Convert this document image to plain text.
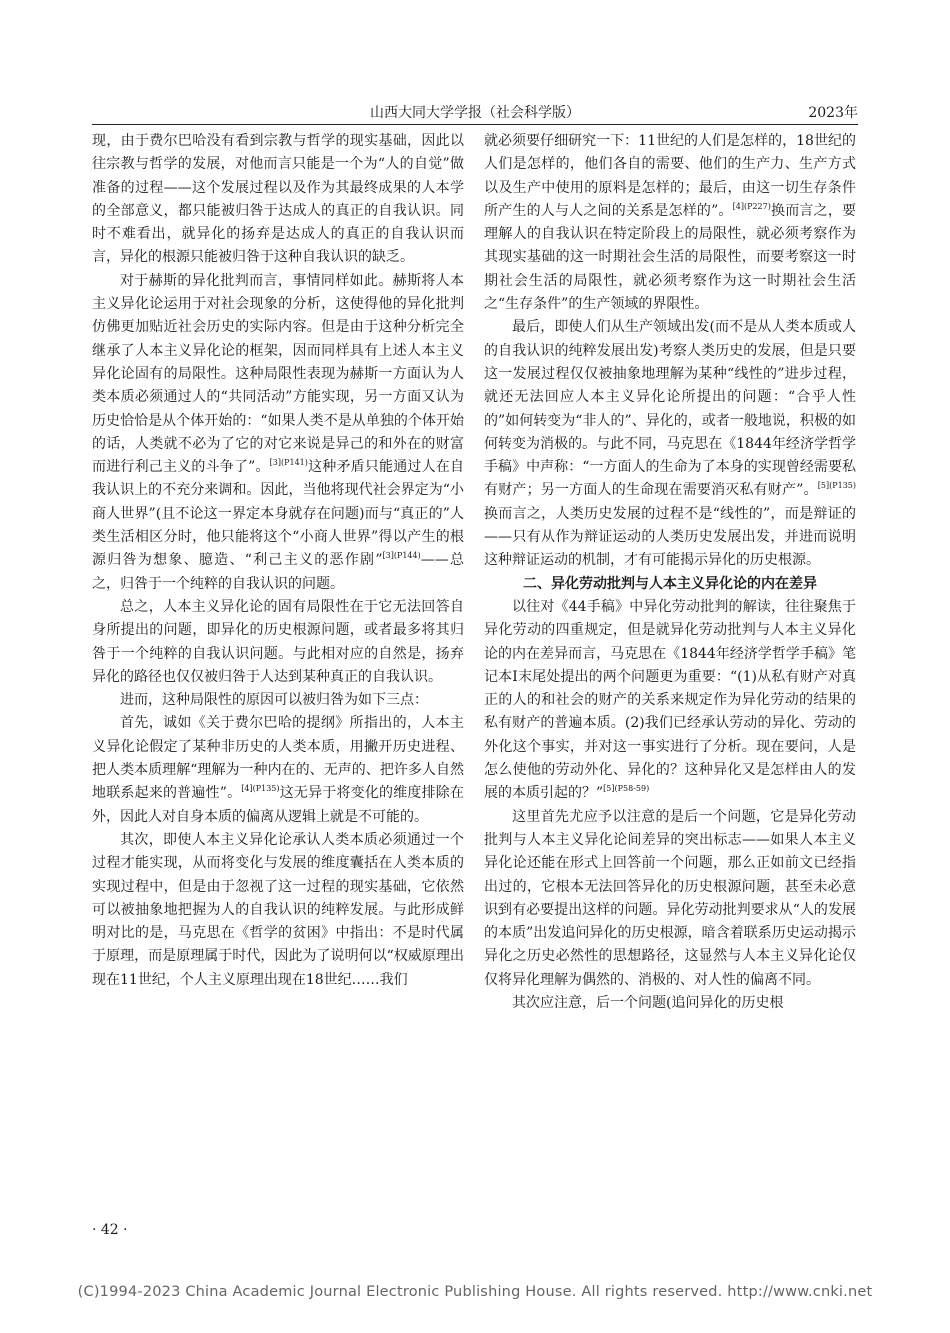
山西大同大学学报（社会科学版）	2023年

现，由于费尔巴哈没有看到宗教与哲学的现实基础，因此以往宗教与哲学的发展，对他而言只能是一个为“人的自觉”做准备的过程——这个发展过程以及作为其最终成果的人本学的全部意义，都只能被归咎于达成人的真正的自我认识。同时不难看出，就异化的扬弃是达成人的真正的自我认识而言，异化的根源只能被归咎于这种自我认识的缺乏。

对于赫斯的异化批判而言，事情同样如此。赫斯将人本主义异化论运用于对社会现象的分析，这使得他的异化批判仿佛更加贴近社会历史的实际内容。但是由于这种分析完全继承了人本主义异化论的框架，因而同样具有上述人本主义异化论固有的局限性。这种局限性表现为赫斯一方面认为人类本质必须通过人的“共同活动”方能实现，另一方面又认为历史恰恰是从个体开始的：“如果人类不是从单独的个体开始的话，人类就不必为了它的对它来说是异己的和外在的财富而进行利己主义的斗争了”。$^{[3](P141)}$这种矛盾只能通过人在自我认识上的不充分来调和。因此，当他将现代社会界定为“小商人世界”(且不论这一界定本身就存在问题)而与“真正的”人类生活相区分时，他只能将这个“小商人世界”得以产生的根源归咎为想象、臆造、“利己主义的恶作剧”$^{[3](P144)}$——总之，归咎于一个纯粹的自我认识的问题。

总之，人本主义异化论的固有局限性在于它无法回答自身所提出的问题，即异化的历史根源问题，或者最多将其归咎于一个纯粹的自我认识问题。与此相对应的自然是，扬弃异化的路径也仅仅被归咎于人达到某种真正的自我认识。

进而，这种局限性的原因可以被归咎为如下三点：

首先，诚如《关于费尔巴哈的提纲》所指出的，人本主义异化论假定了某种非历史的人类本质，用撇开历史进程、把人类本质理解“理解为一种内在的、无声的、把许多人自然地联系起来的普遍性”。$^{[4](P135)}$这无异于将变化的维度排除在外，因此人对自身本质的偏离从逻辑上就是不可能的。

其次，即使人本主义异化论承认人类本质必须通过一个过程才能实现，从而将变化与发展的维度囊括在人类本质的实现过程中，但是由于忽视了这一过程的现实基础，它依然可以被抽象地把握为人的自我认识的纯粹发展。与此形成鲜明对比的是，马克思在《哲学的贫困》中指出：不是时代属于原理，而是原理属于时代，因此为了说明何以“权威原理出现在11世纪，个人主义原理出现在18世纪……我们

就必须要仔细研究一下：11世纪的人们是怎样的，18世纪的人们是怎样的，他们各自的需要、他们的生产力、生产方式以及生产中使用的原料是怎样的；最后，由这一切生存条件所产生的人与人之间的关系是怎样的”。$^{[4](P227)}$换而言之，要理解人的自我认识在特定阶段上的局限性，就必须考察作为其现实基础的这一时期社会生活的局限性，而要考察这一时期社会生活的局限性，就必须考察作为这一时期社会生活之“生存条件”的生产领域的界限性。

最后，即使人们从生产领域出发(而不是从人类本质或人的自我认识的纯粹发展出发)考察人类历史的发展，但是只要这一发展过程仅仅被抽象地理解为某种“线性的”进步过程，就还无法回应人本主义异化论所提出的问题：“合乎人性的”如何转变为“非人的”、异化的，或者一般地说，积极的如何转变为消极的。与此不同，马克思在《1844年经济学哲学手稿》中声称：“一方面人的生命为了本身的实现曾经需要私有财产；另一方面人的生命现在需要消灭私有财产”。$^{[5](P135)}$换而言之，人类历史发展的过程不是“线性的”，而是辩证的——只有从作为辩证运动的人类历史发展出发，并进而说明这种辩证运动的机制，才有可能揭示异化的历史根源。

二、异化劳动批判与人本主义异化论的内在差异

以往对《44手稿》中异化劳动批判的解读，往往聚焦于异化劳动的四重规定，但是就异化劳动批判与人本主义异化论的内在差异而言，马克思在《1844年经济学哲学手稿》笔记本Ⅰ末尾处提出的两个问题更为重要：“(1)从私有财产对真正的人的和社会的财产的关系来规定作为异化劳动的结果的私有财产的普遍本质。(2)我们已经承认劳动的异化、劳动的外化这个事实，并对这一事实进行了分析。现在要问，人是怎么使他的劳动外化、异化的？这种异化又是怎样由人的发展的本质引起的？”$^{[5](P58-59)}$

这里首先尤应予以注意的是后一个问题，它是异化劳动批判与人本主义异化论间差异的突出标志——如果人本主义异化论还能在形式上回答前一个问题，那么正如前文已经指出过的，它根本无法回答异化的历史根源问题，甚至未必意识到有必要提出这样的问题。异化劳动批判要求从“人的发展的本质”出发追问异化的历史根源，暗含着联系历史运动揭示异化之历史必然性的思想路径，这显然与人本主义异化论仅仅将异化理解为偶然的、消极的、对人性的偏离不同。

其次应注意，后一个问题(追问异化的历史根

· 42 ·
(C)1994-2023 China Academic Journal Electronic Publishing House. All rights reserved. http://www.cnki.net
